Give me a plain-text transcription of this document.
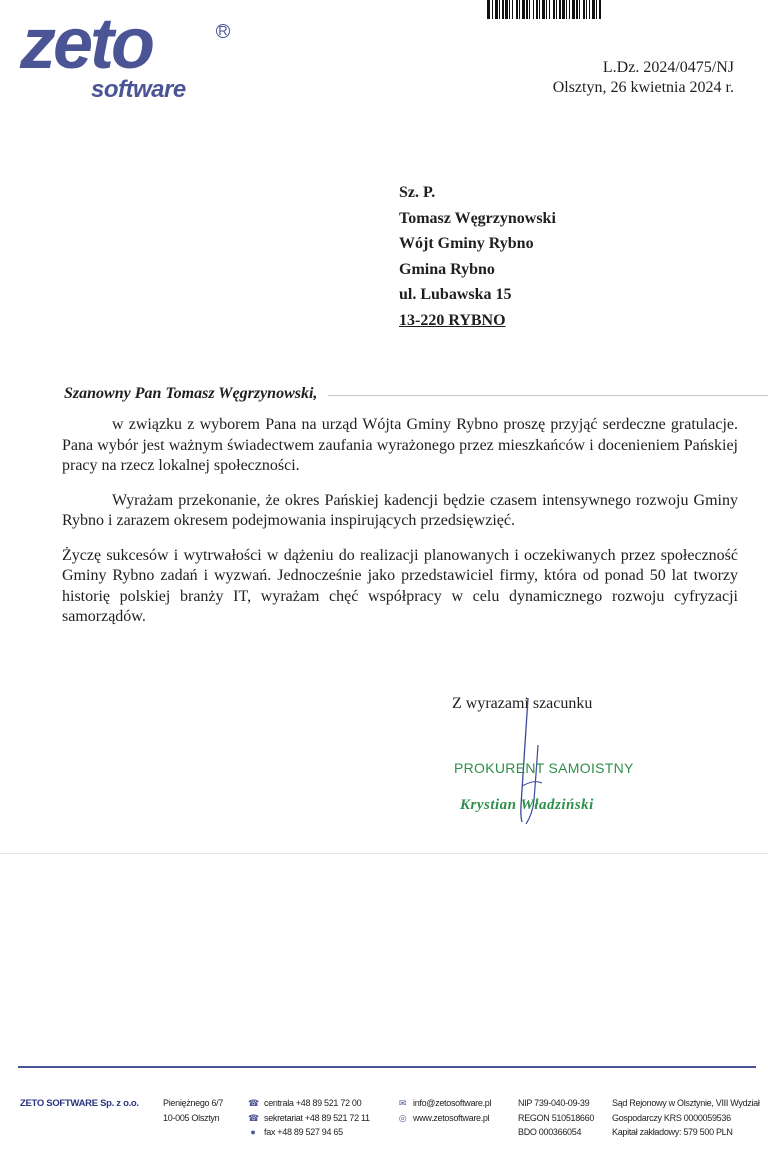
zeto	R
software
L.Dz. 2024/0475/NJ
Olsztyn, 26 kwietnia 2024 r.
Sz. P.
Tomasz Węgrzynowski
Wójt Gminy Rybno
Gmina Rybno
ul. Lubawska 15
13-220 RYBNO
Szanowny Pan Tomasz Węgrzynowski,

w związku z wyborem Pana na urząd Wójta Gminy Rybno proszę przyjąć serdeczne gratulacje. Pana wybór jest ważnym świadectwem zaufania wyrażonego przez mieszkańców i docenieniem Pańskiej pracy na rzecz lokalnej społeczności.

Wyrażam przekonanie, że okres Pańskiej kadencji będzie czasem intensywnego rozwoju Gminy Rybno i zarazem okresem podejmowania inspirujących przedsięwzięć.

Życzę sukcesów i wytrwałości w dążeniu do realizacji planowanych i oczekiwanych przez społeczność Gminy Rybno zadań i wyzwań. Jednocześnie jako przedstawiciel firmy, która od ponad 50 lat tworzy historię polskiej branży IT, wyrażam chęć współpracy w celu dynamicznego rozwoju cyfryzacji samorządów.

Z wyrazami szacunku
PROKURENT SAMOISTNY
Krystian Władziński
ZETO SOFTWARE Sp. z o.o.	Pieniężnego 6/7
10-005 Olsztyn
☎ centrala +48 89 521 72 00
☎ sekretariat +48 89 521 72 11
● fax +48 89 527 94 65
✉ info@zetosoftware.pl
◎ www.zetosoftware.pl
NIP 739-040-09-39
REGON 510518660
BDO 000366054
Sąd Rejonowy w Olsztynie, VIII Wydział
Gospodarczy KRS 0000059536
Kapitał zakładowy: 579 500 PLN
